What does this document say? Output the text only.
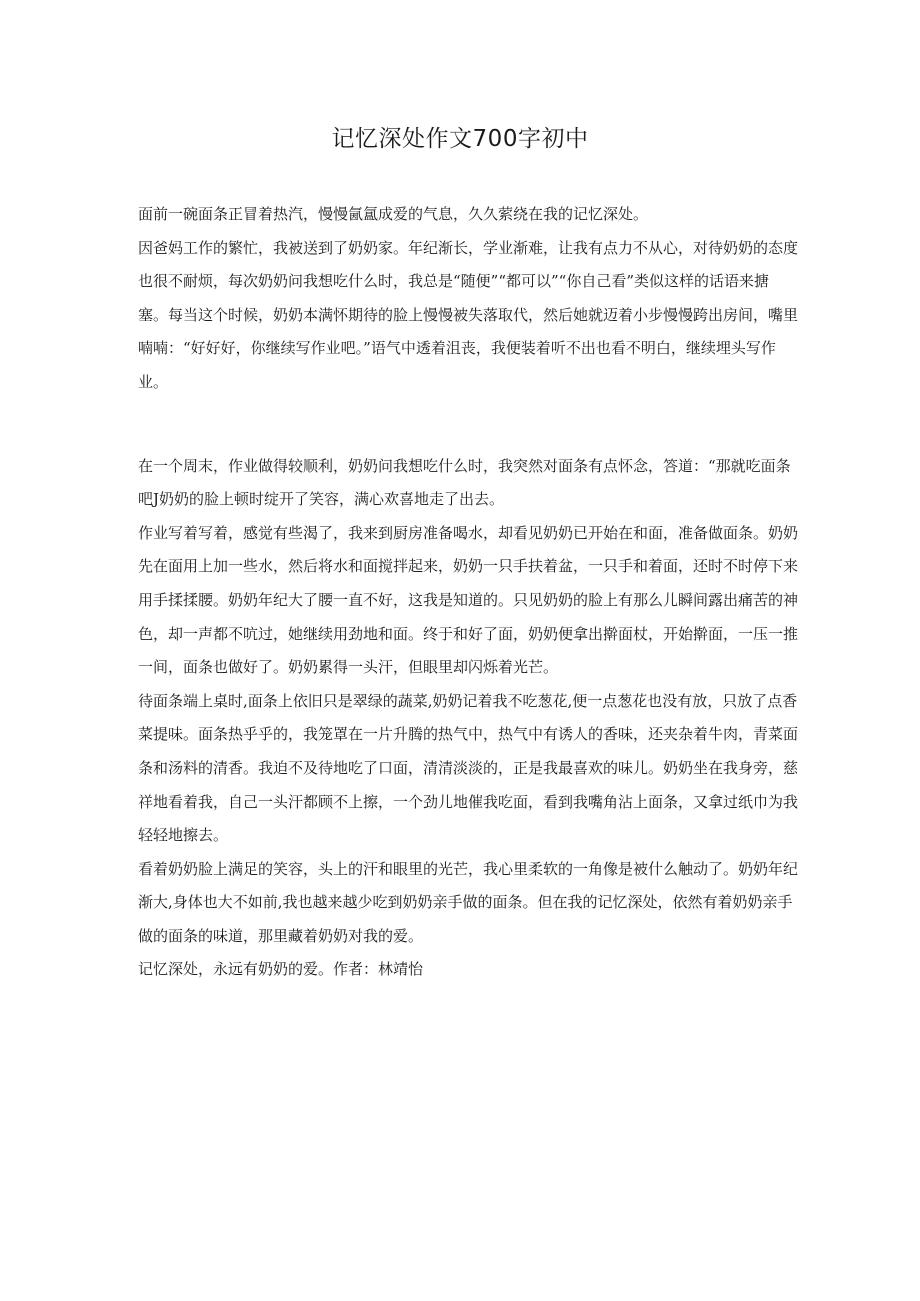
记忆深处作文700字初中

面前一碗面条正冒着热汽，慢慢氤氲成爱的气息，久久萦绕在我的记忆深处。

因爸妈工作的繁忙，我被送到了奶奶家。年纪渐长，学业渐难，让我有点力不从心，对待奶奶的态度也很不耐烦，每次奶奶问我想吃什么时，我总是“随便”“都可以”“你自己看”类似这样的话语来搪塞。每当这个时候，奶奶本满怀期待的脸上慢慢被失落取代，然后她就迈着小步慢慢跨出房间，嘴里喃喃：“好好好，你继续写作业吧。”语气中透着沮丧，我便装着听不出也看不明白，继续埋头写作业。

在一个周末，作业做得较顺利，奶奶问我想吃什么时，我突然对面条有点怀念，答道：“那就吃面条吧J奶奶的脸上顿时绽开了笑容，满心欢喜地走了出去。

作业写着写着，感觉有些渴了，我来到厨房准备喝水，却看见奶奶已开始在和面，准备做面条。奶奶先在面用上加一些水，然后将水和面搅拌起来，奶奶一只手扶着盆，一只手和着面，还时不时停下来用手揉揉腰。奶奶年纪大了腰一直不好，这我是知道的。只见奶奶的脸上有那么儿瞬间露出痛苦的神色，却一声都不吭过，她继续用劲地和面。终于和好了面，奶奶便拿出擀面杖，开始擀面，一压一推一间，面条也做好了。奶奶累得一头汗，但眼里却闪烁着光芒。

待面条端上桌时,面条上依旧只是翠绿的蔬菜,奶奶记着我不吃葱花,便一点葱花也没有放，只放了点香菜提味。面条热乎乎的，我笼罩在一片升腾的热气中，热气中有诱人的香味，还夹杂着牛肉，青菜面条和汤料的清香。我迫不及待地吃了口面，清清淡淡的，正是我最喜欢的味儿。奶奶坐在我身旁，慈祥地看着我，自己一头汗都顾不上擦，一个劲儿地催我吃面，看到我嘴角沾上面条，又拿过纸巾为我轻轻地擦去。

看着奶奶脸上满足的笑容，头上的汗和眼里的光芒，我心里柔软的一角像是被什么触动了。奶奶年纪渐大,身体也大不如前,我也越来越少吃到奶奶亲手做的面条。但在我的记忆深处，依然有着奶奶亲手做的面条的味道，那里藏着奶奶对我的爱。

记忆深处，永远有奶奶的爱。作者：林靖怡
